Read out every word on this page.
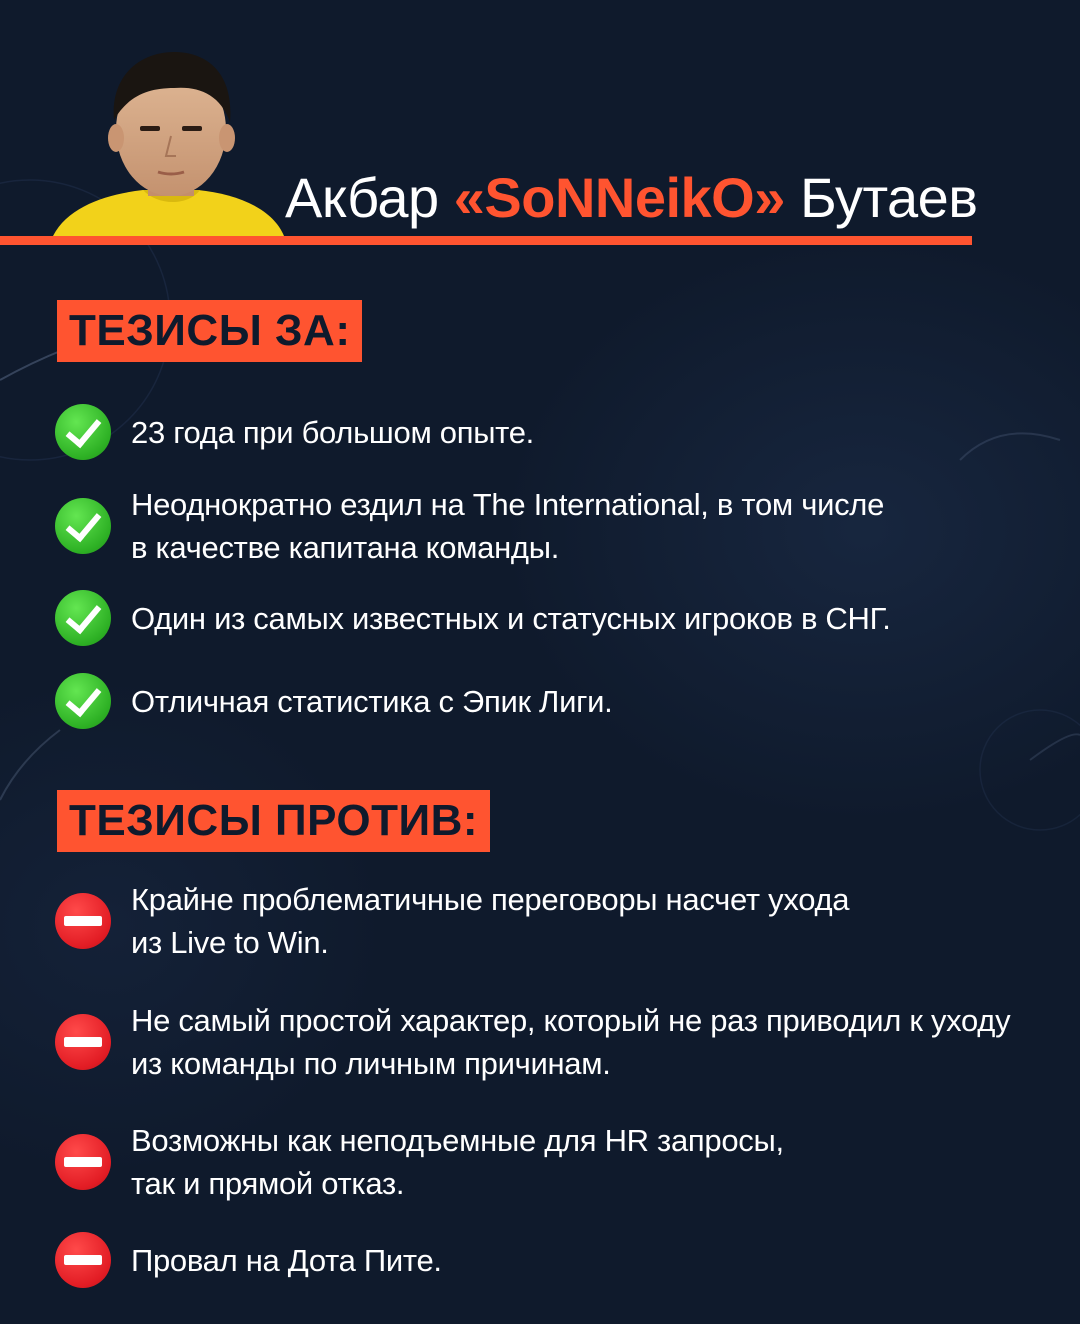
Акбар «SoNNeikO» Бутаев
ТЕЗИСЫ ЗА:
23 года при большом опыте.
Неоднократно ездил на The International, в том числе
в качестве капитана команды.
Один из самых известных и статусных игроков в СНГ.
Отличная статистика с Эпик Лиги.
ТЕЗИСЫ ПРОТИВ:
Крайне проблематичные переговоры насчет ухода
из Live to Win.
Не самый простой характер, который не раз приводил к уходу
из команды по личным причинам.
Возможны как неподъемные для HR запросы,
так и прямой отказ.
Провал на Дота Пите.
